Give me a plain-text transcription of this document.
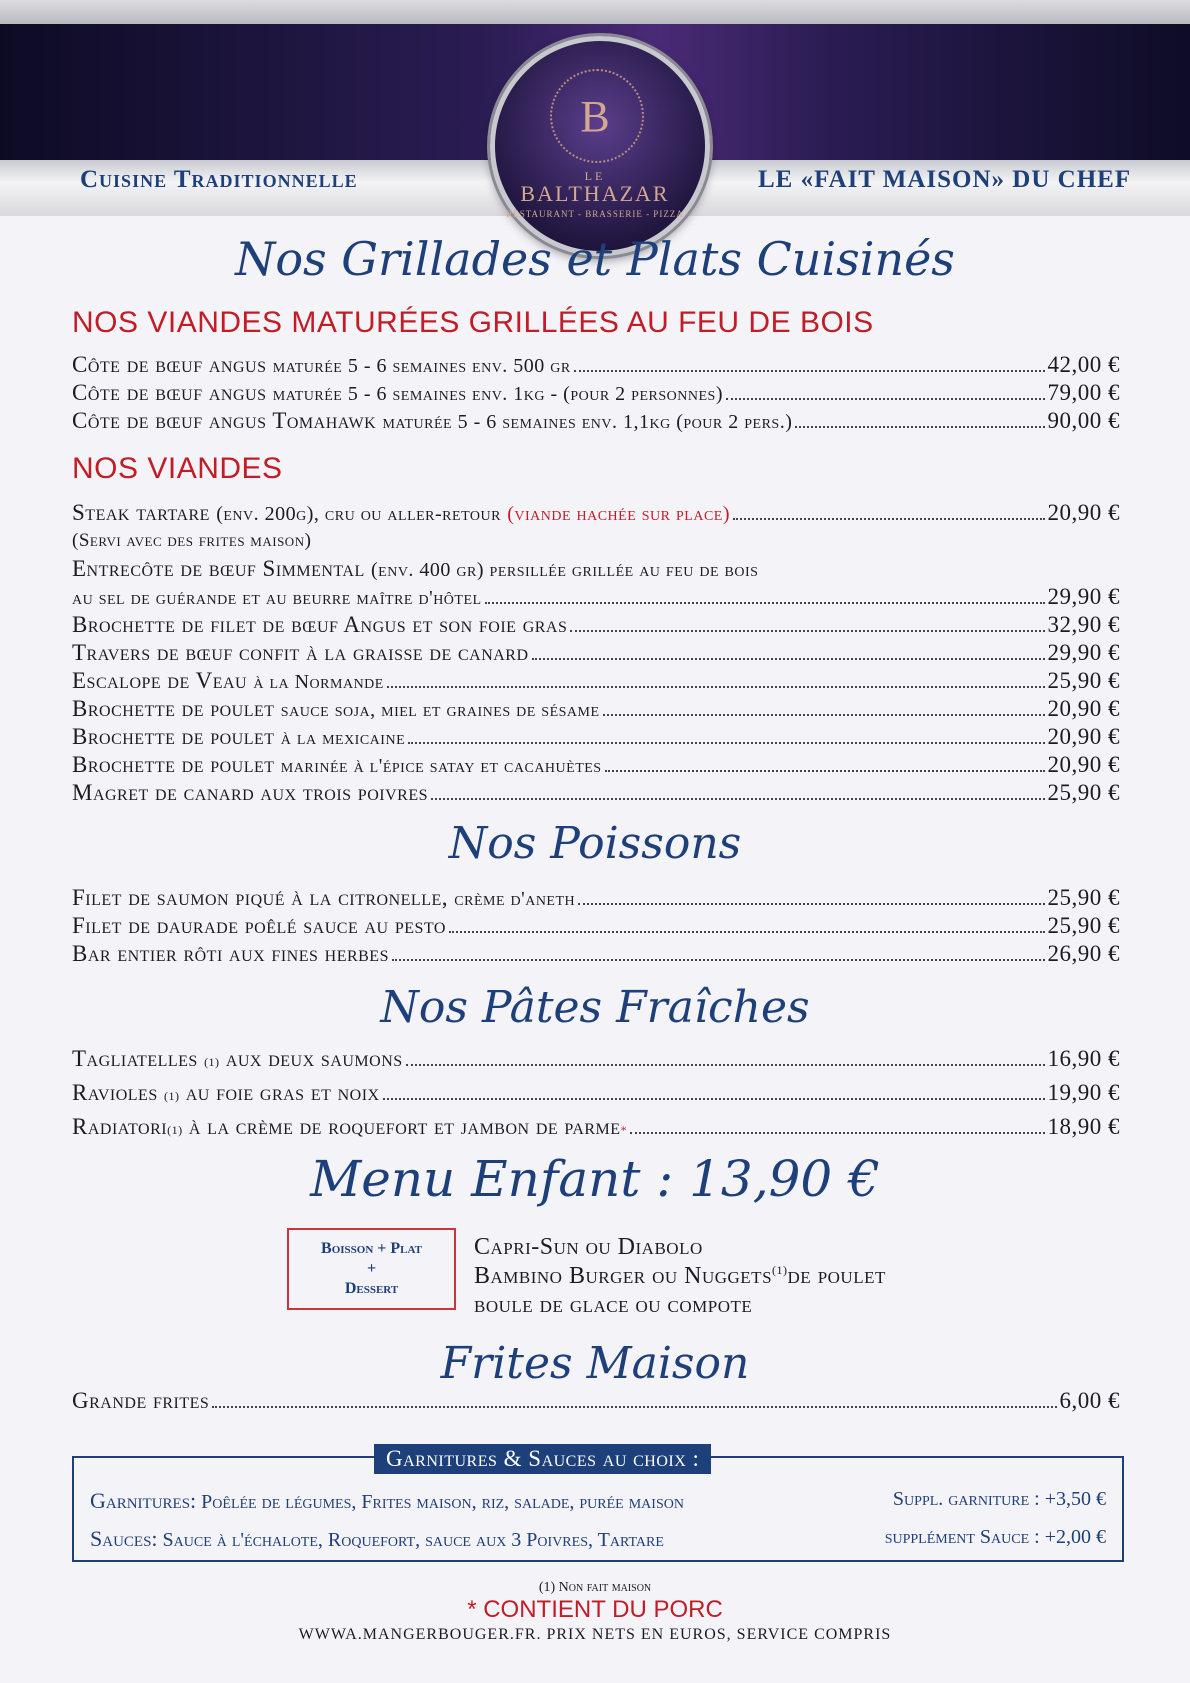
Cuisine Traditionnelle	LE «FAIT MAISON» DU CHEF
B
LE
BALTHAZAR
RESTAURANT - BRASSERIE - PIZZA
Nos Grillades et Plats Cuisinés
NOS VIANDES MATURÉES GRILLÉES AU FEU DE BOIS
Côte de bœuf angus
maturée 5 - 6 semaines env. 500 gr	42,00 €
Côte de bœuf angus
maturée 5 - 6 semaines env. 1kg - (pour 2 personnes)	79,00 €
Côte de bœuf angus Tomahawk
maturée 5 - 6 semaines env. 1,1kg (pour 2 pers.)	90,00 €
NOS VIANDES
Steak tartare
(env. 200g), cru ou aller-retour
(viande hachée sur place)	20,90 €
(Servi avec des frites maison)
Entrecôte de bœuf Simmental (env. 400 gr) persillée grillée au feu de bois
au sel de guérande et au beurre maître d'hôtel	29,90 €
Brochette de filet de bœuf Angus et son foie gras	32,90 €
Travers de bœuf confit à la graisse de canard	29,90 €
Escalope de Veau
à la Normande	25,90 €
Brochette de poulet
sauce soja, miel et graines de sésame	20,90 €
Brochette de poulet
à la mexicaine	20,90 €
Brochette de poulet
marinée à l'épice satay et cacahuètes	20,90 €
Magret de canard aux trois poivres	25,90 €
Nos Poissons
Filet de saumon piqué à la citronelle,
crème d'aneth	25,90 €
Filet de daurade poêlé sauce au pesto	25,90 €
Bar entier rôti aux fines herbes	26,90 €
Nos Pâtes Fraîches
Tagliatelles
(1)
aux deux saumons	16,90 €
Ravioles
(1)
au foie gras et noix	19,90 €
Radiatori (1)
à la crème de roquefort et jambon de parme *	18,90 €
Menu Enfant : 13,90 €
Boisson + Plat
+
Dessert
Capri-Sun ou Diabolo
Bambino Burger ou Nuggets$^{(1)}$de poulet
boule de glace ou compote
Frites Maison
Grande frites	6,00 €
Garnitures & Sauces au choix :
Garnitures: Poêlée de légumes, Frites maison, riz, salade, purée maison	Suppl. garniture : +3,50 €
Sauces: Sauce à l'échalote, Roquefort, sauce aux 3 Poivres, Tartare	supplément Sauce : +2,00 €
(1) Non fait maison
* CONTIENT DU PORC
WWWA.MANGERBOUGER.FR. PRIX NETS EN EUROS, SERVICE COMPRIS
